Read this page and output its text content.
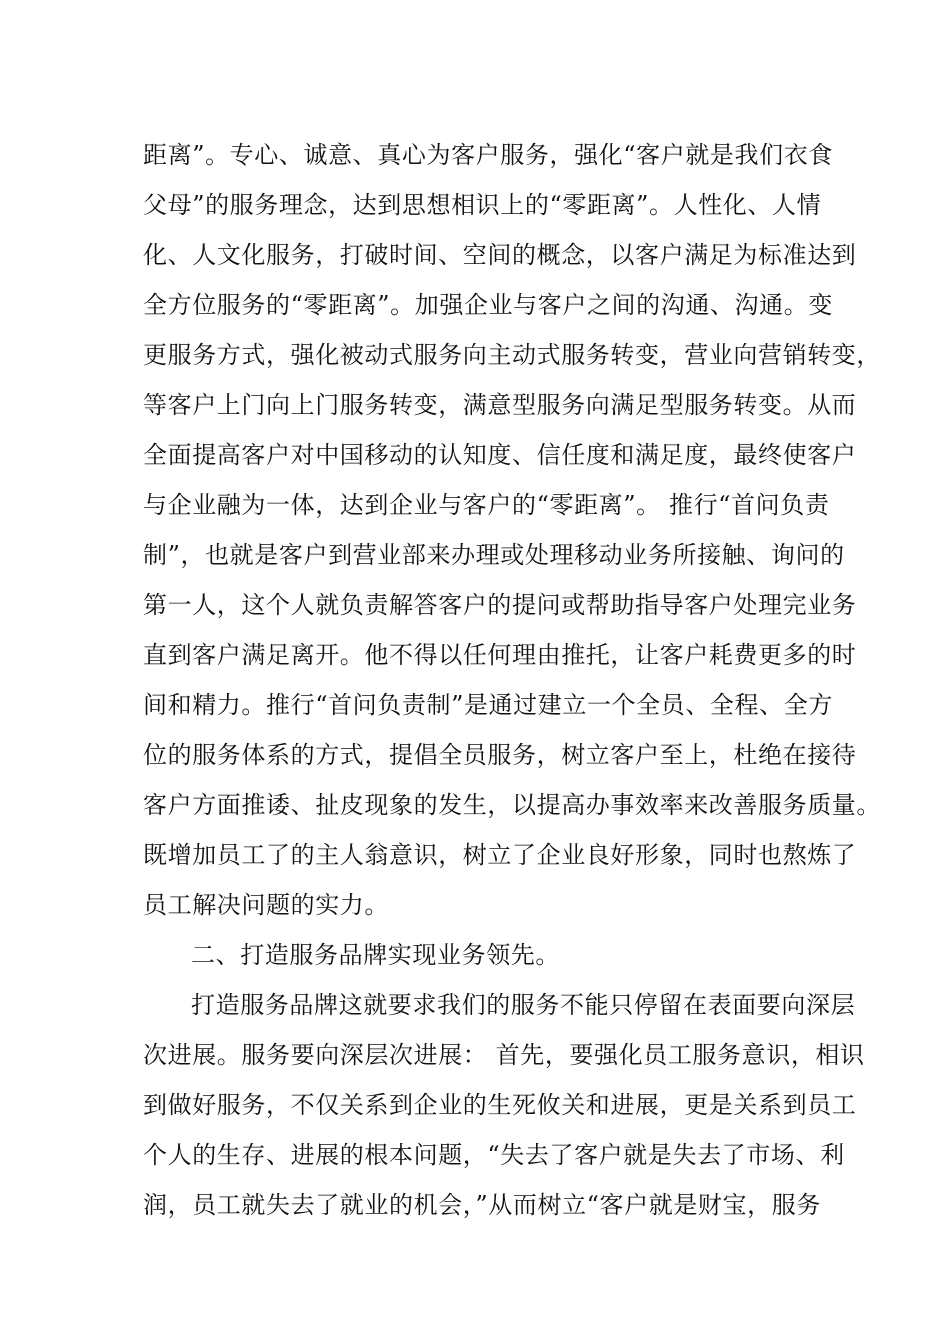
距离”。专心、诚意、真心为客户服务，强化“客户就是我们衣食
父母”的服务理念，达到思想相识上的“零距离”。人性化、人情
化、人文化服务，打破时间、空间的概念，以客户满足为标准达到
全方位服务的“零距离”。加强企业与客户之间的沟通、沟通。变
更服务方式，强化被动式服务向主动式服务转变，营业向营销转变，
等客户上门向上门服务转变，满意型服务向满足型服务转变。从而
全面提高客户对中国移动的认知度、信任度和满足度，最终使客户
与企业融为一体，达到企业与客户的“零距离”。 推行“首问负责
制”，也就是客户到营业部来办理或处理移动业务所接触、询问的
第一人，这个人就负责解答客户的提问或帮助指导客户处理完业务
直到客户满足离开。他不得以任何理由推托，让客户耗费更多的时
间和精力。推行“首问负责制”是通过建立一个全员、全程、全方
位的服务体系的方式，提倡全员服务，树立客户至上，杜绝在接待
客户方面推诿、扯皮现象的发生，以提高办事效率来改善服务质量。
既增加员工了的主人翁意识，树立了企业良好形象，同时也熬炼了
员工解决问题的实力。
二、打造服务品牌实现业务领先。
打造服务品牌这就要求我们的服务不能只停留在表面要向深层
次进展。服务要向深层次进展： 首先，要强化员工服务意识，相识
到做好服务，不仅关系到企业的生死攸关和进展，更是关系到员工
个人的生存、进展的根本问题，“失去了客户就是失去了市场、利
润，员工就失去了就业的机会，”从而树立“客户就是财宝，服务
